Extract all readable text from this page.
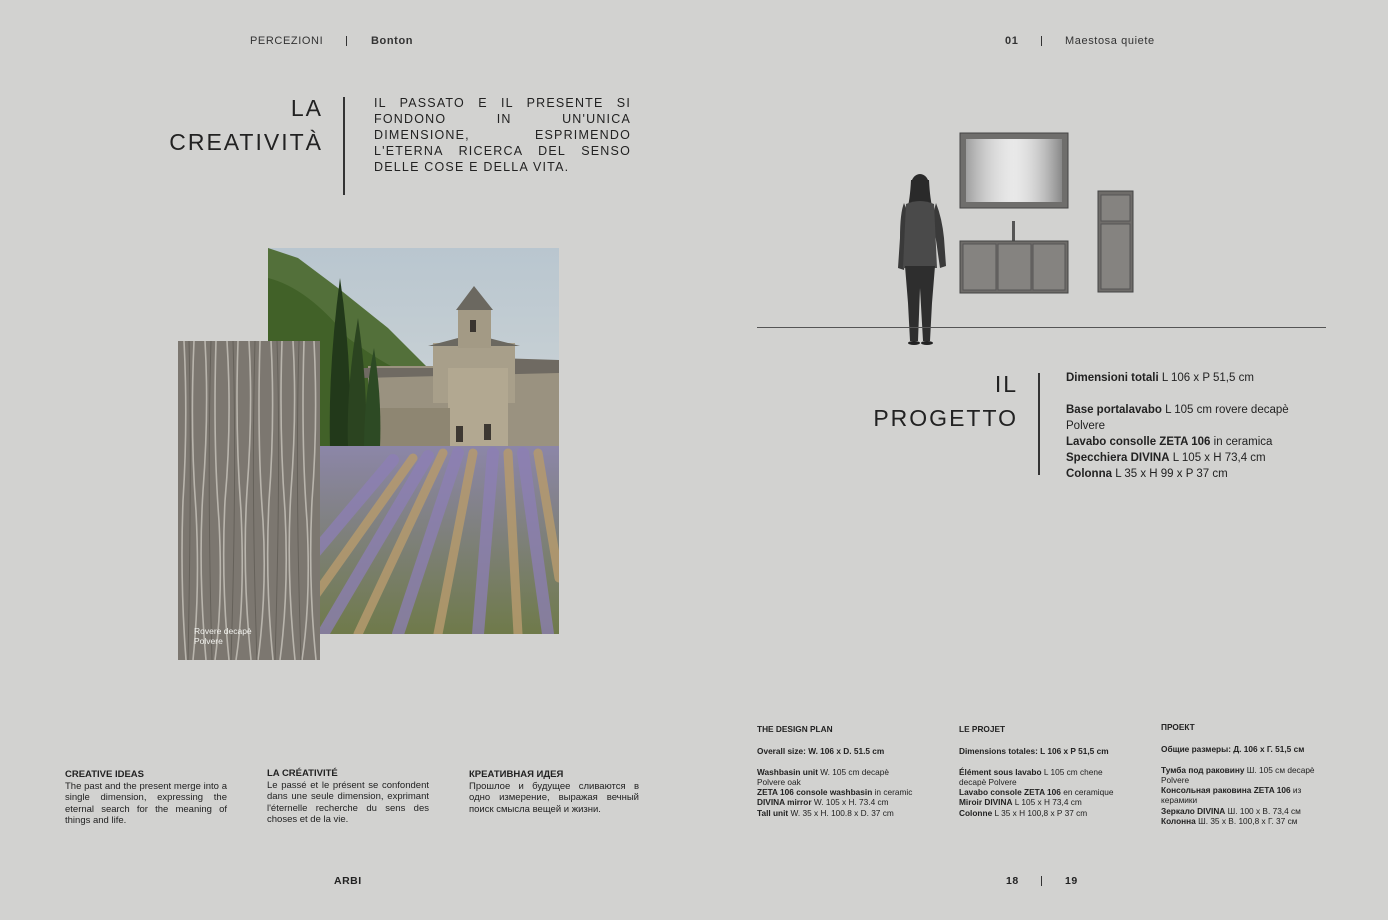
PERCEZIONI	Bonton	01	Maestosa quiete
LA
CREATIVITÀ
IL PASSATO E IL PRESENTE SI FONDONO IN UN'UNICA DIMENSIONE, ESPRIMENDO L'ETERNA RICERCA DEL SENSO DELLE COSE E DELLA VITA.
Rovere decapè
Polvere
IL
PROGETTO
Dimensioni totali L 106 x P 51,5 cm
Base portalavabo L 105 cm rovere decapè Polvere
Lavabo consolle ZETA 106 in ceramica
Specchiera DIVINA L 105 x H 73,4 cm
Colonna L 35 x H 99 x P 37 cm
CREATIVE IDEAS

The past and the present merge into a single dimension, expressing the eternal search for the meaning of things and life.

LA CRÉATIVITÉ

Le passé et le présent se confondent dans une seule dimension, exprimant l'éternelle recherche du sens des choses et de la vie.

КРЕАТИВНАЯ ИДЕЯ

Прошлое и будущее сливаются в одно измерение, выражая вечный поиск смысла вещей и жизни.

THE DESIGN PLAN
Overall size: W. 106 x D. 51.5 cm
Washbasin unit W. 105 cm decapè Polvere oak
ZETA 106 console washbasin in ceramic
DIVINA mirror W. 105 x H. 73.4 cm
Tall unit W. 35 x H. 100.8 x D. 37 cm
LE PROJET
Dimensions totales: L 106 x P 51,5 cm
Élément sous lavabo L 105 cm chene decapè Polvere
Lavabo console ZETA 106 en ceramique
Miroir DIVINA L 105 x H 73,4 cm
Colonne L 35 x H 100,8 x P 37 cm
ПРОЕКТ
Общие размеры: Д. 106 x Г. 51,5 см
Тумба под раковину Ш. 105 см decapè Polvere
Консольная раковина ZETA 106 из керамики
Зеркало DIVINA Ш. 100 x В. 73,4 см
Колонна Ш. 35 x В. 100,8 x Г. 37 см
ARBI	18	19
